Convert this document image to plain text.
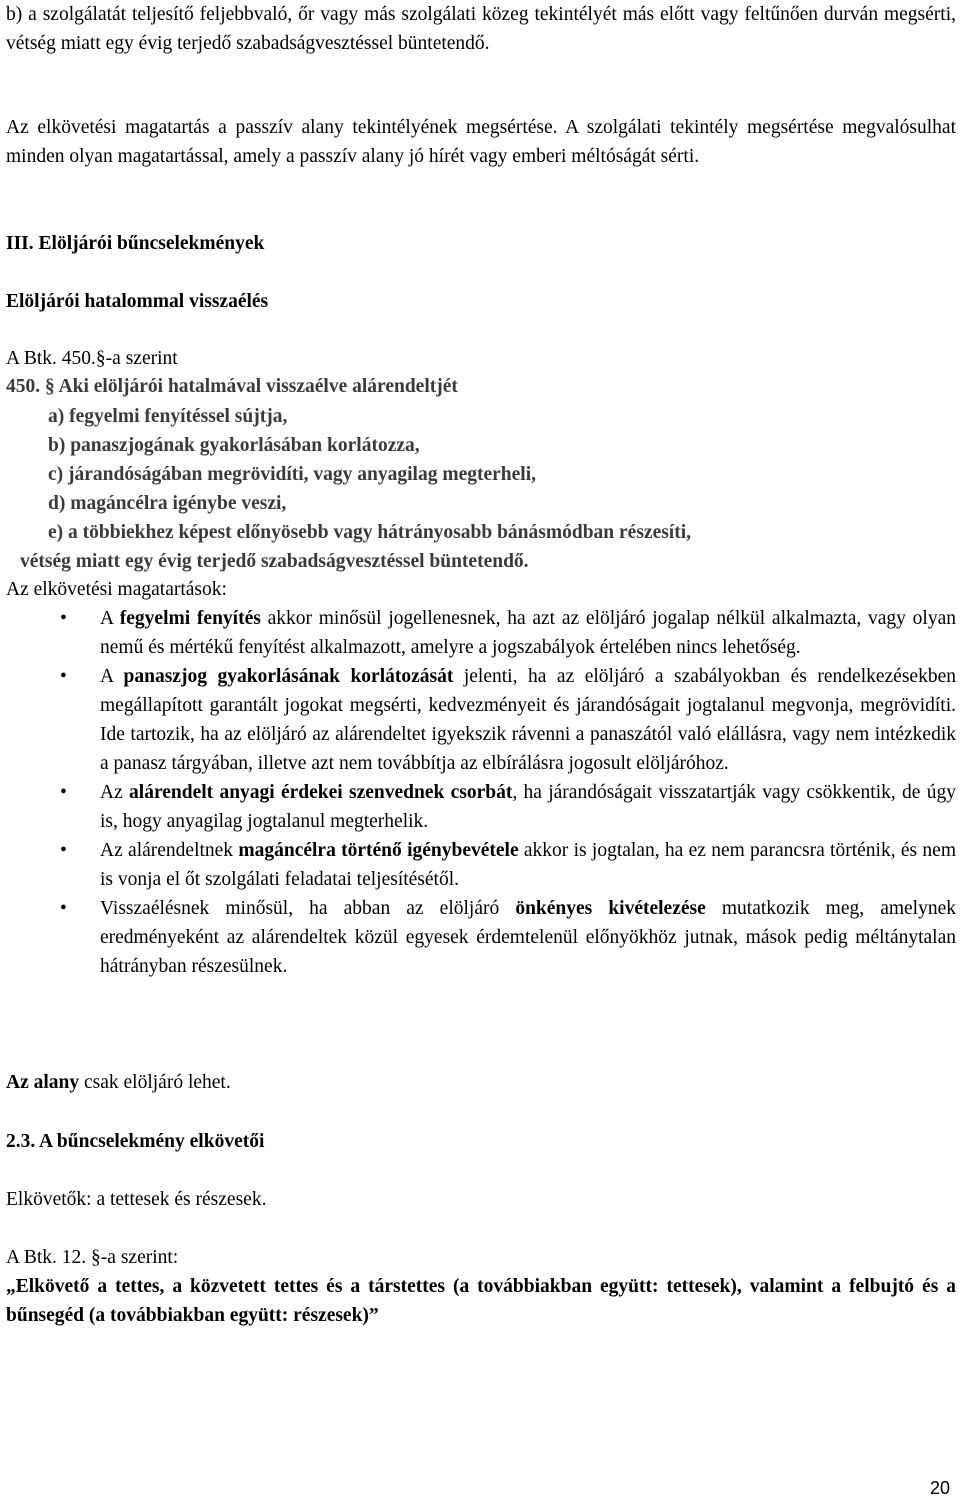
b) a szolgálatát teljesítő feljebbvaló, őr vagy más szolgálati közeg tekintélyét más előtt vagy feltűnően durván megsérti, vétség miatt egy évig terjedő szabadságvesztéssel büntetendő.

Az elkövetési magatartás a passzív alany tekintélyének megsértése. A szolgálati tekintély megsértése megvalósulhat minden olyan magatartással, amely a passzív alany jó hírét vagy emberi méltóságát sérti.

III. Elöljárói bűncselekmények

Elöljárói hatalommal visszaélés

A Btk. 450.§-a szerint

450. § Aki elöljárói hatalmával visszaélve alárendeltjét

a) fegyelmi fenyítéssel sújtja,

b) panaszjogának gyakorlásában korlátozza,

c) járandóságában megrövidíti, vagy anyagilag megterheli,

d) magáncélra igénybe veszi,

e) a többiekhez képest előnyösebb vagy hátrányosabb bánásmódban részesíti,

vétség miatt egy évig terjedő szabadságvesztéssel büntetendő.

Az elkövetési magatartások:

• A fegyelmi fenyítés akkor minősül jogellenesnek, ha azt az elöljáró jogalap nélkül alkalmazta, vagy olyan nemű és mértékű fenyítést alkalmazott, amelyre a jogszabályok értelében nincs lehetőség.
• A panaszjog gyakorlásának korlátozását jelenti, ha az elöljáró a szabályokban és rendelkezésekben megállapított garantált jogokat megsérti, kedvezményeit és járandóságait jogtalanul megvonja, megrövidíti. Ide tartozik, ha az elöljáró az alárendeltet igyekszik rávenni a panaszától való elállásra, vagy nem intézkedik a panasz tárgyában, illetve azt nem továbbítja az elbírálásra jogosult elöljáróhoz.
• Az alárendelt anyagi érdekei szenvednek csorbát, ha járandóságait visszatartják vagy csökkentik, de úgy is, hogy anyagilag jogtalanul megterhelik.
• Az alárendeltnek magáncélra történő igénybevétele akkor is jogtalan, ha ez nem parancsra történik, és nem is vonja el őt szolgálati feladatai teljesítésétől.
• Visszaélésnek minősül, ha abban az elöljáró önkényes kivételezése mutatkozik meg, amelynek eredményeként az alárendeltek közül egyesek érdemtelenül előnyökhöz jutnak, mások pedig méltánytalan hátrányban részesülnek.

Az alany csak elöljáró lehet.

2.3. A bűncselekmény elkövetői

Elkövetők: a tettesek és részesek.

A Btk. 12. §-a szerint:

„Elkövető a tettes, a közvetett tettes és a társtettes (a továbbiakban együtt: tettesek), valamint a felbujtó és a bűnsegéd (a továbbiakban együtt: részesek)”

20
